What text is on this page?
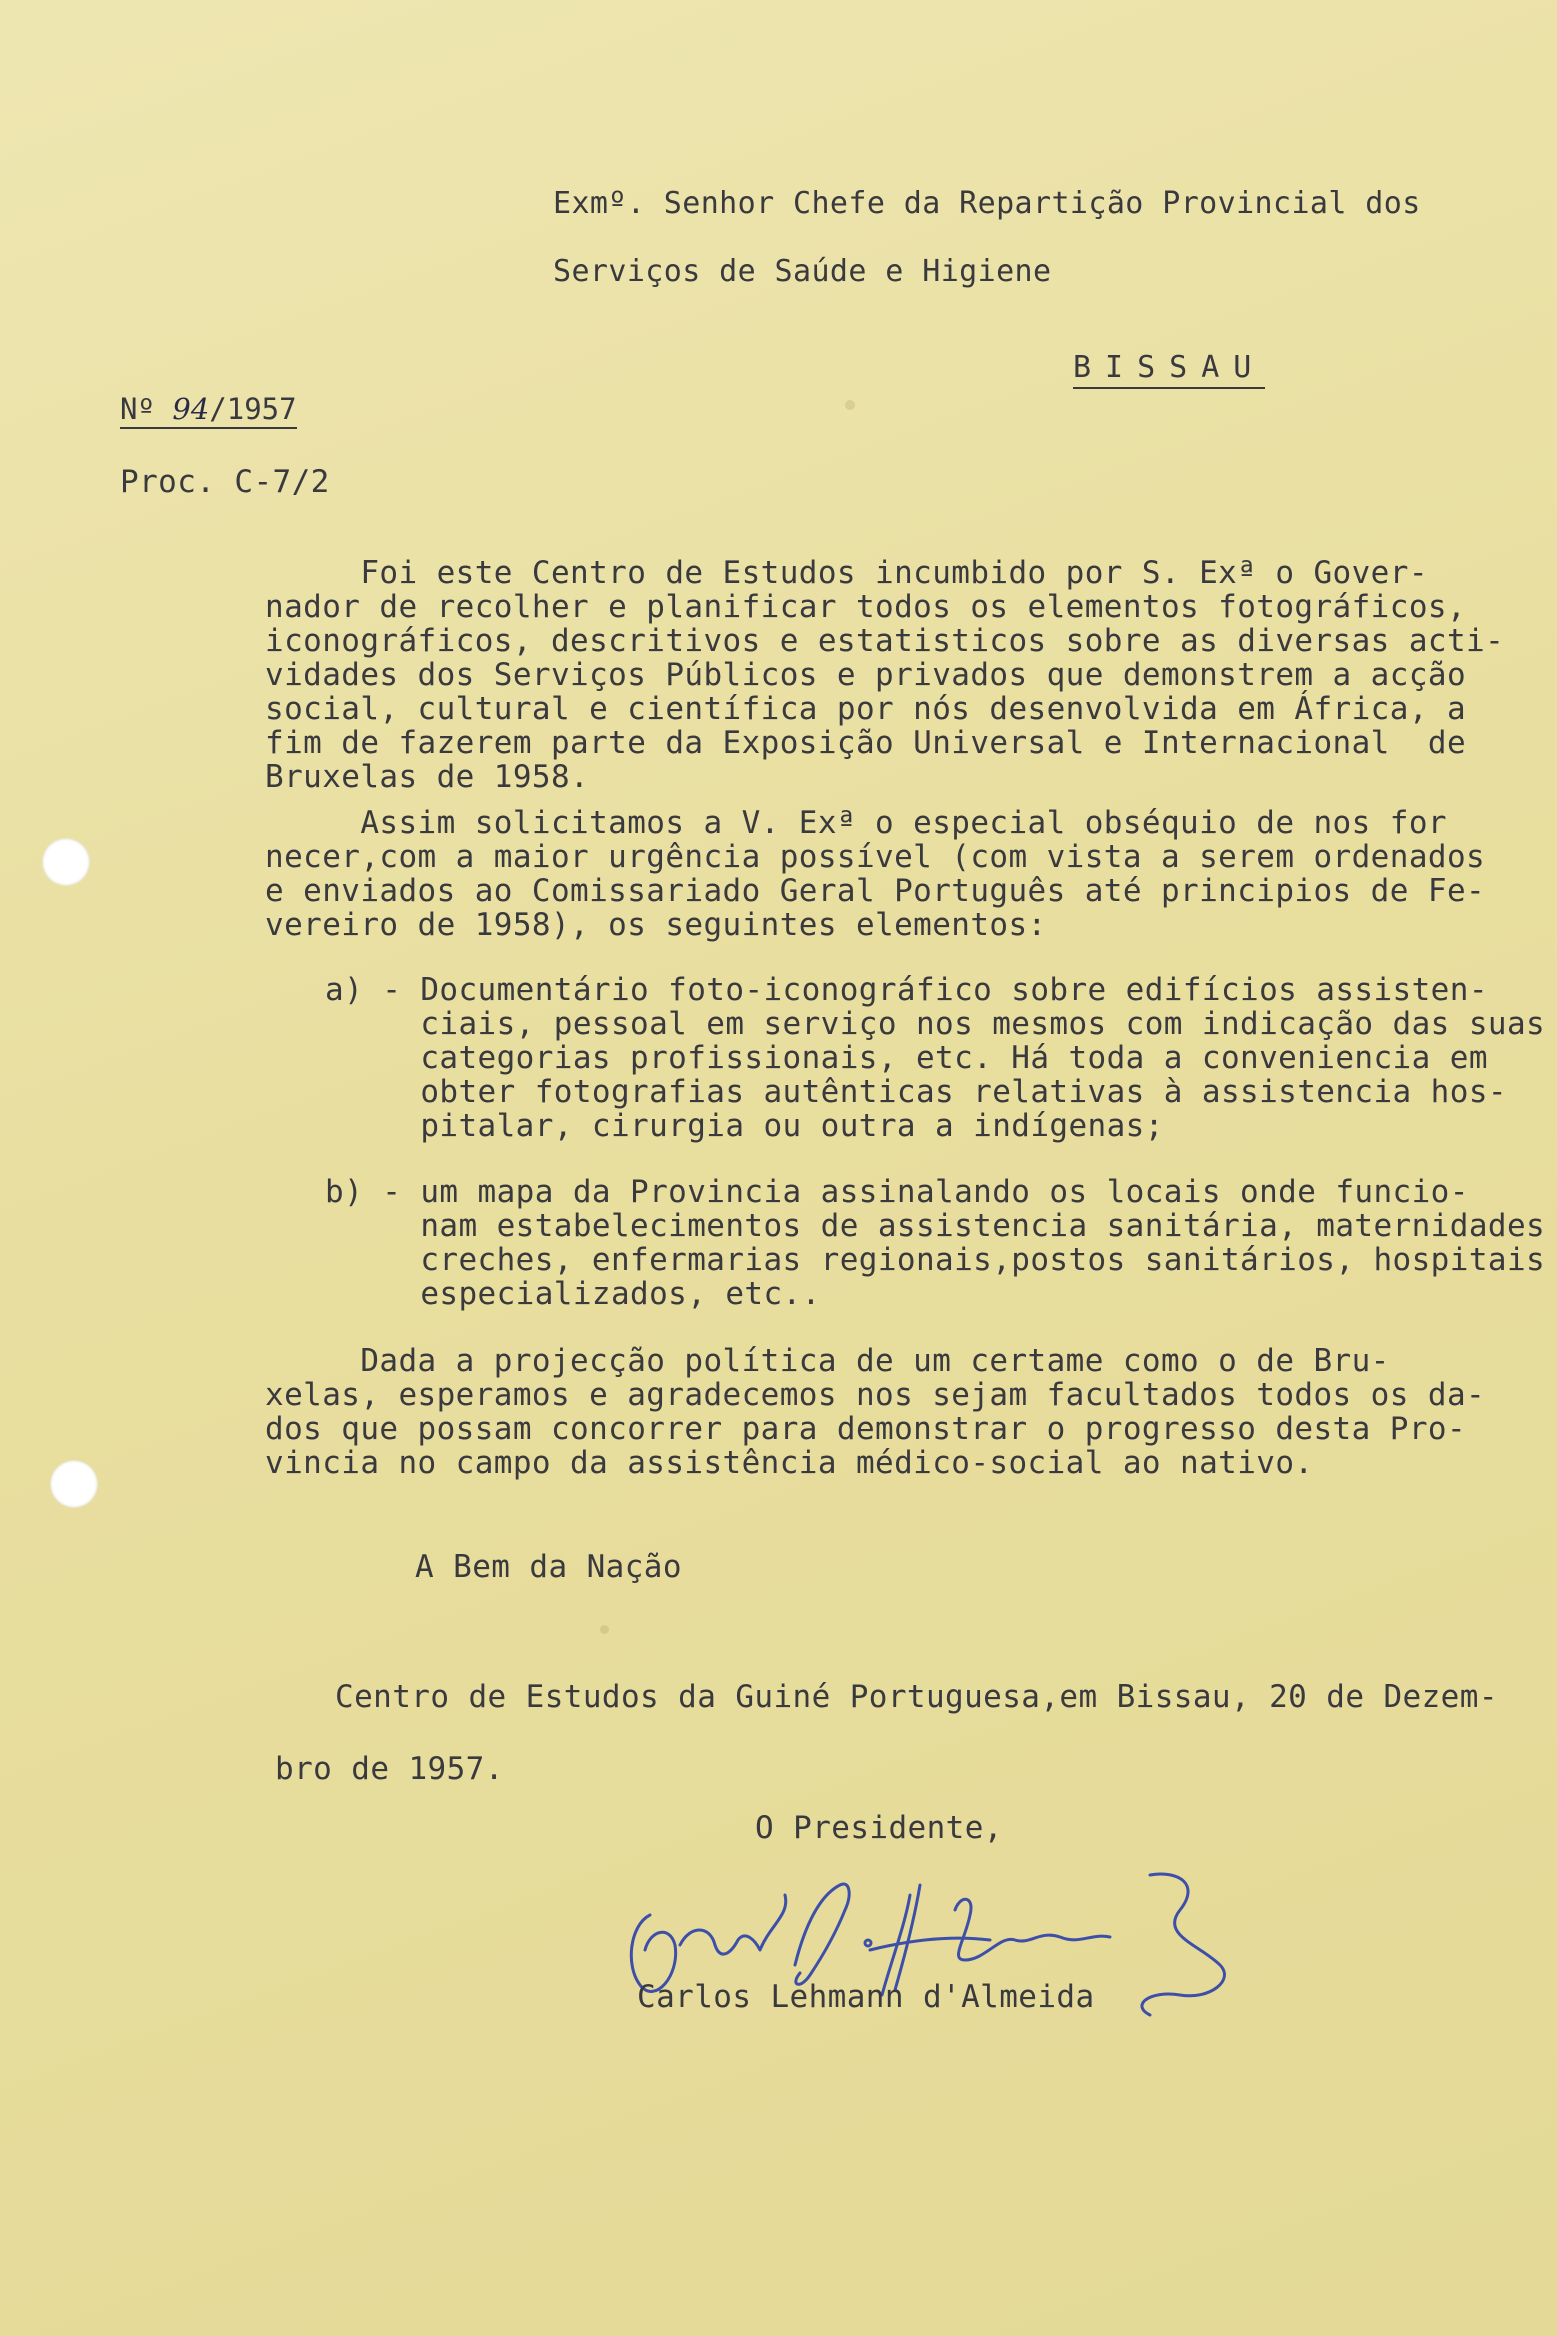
Exmº. Senhor Chefe da Repartição Provincial dos
Serviços de Saúde e Higiene
BISSAU
Nº 94/1957
Proc. C-7/2
Foi este Centro de Estudos incumbido por S. Exª o Gover-
nador de recolher e planificar todos os elementos fotográficos,
iconográficos, descritivos e estatisticos sobre as diversas acti-
vidades dos Serviços Públicos e privados que demonstrem a acção
social, cultural e científica por nós desenvolvida em África, a
fim de fazerem parte da Exposição Universal e Internacional  de
Bruxelas de 1958.
Assim solicitamos a V. Exª o especial obséquio de nos for
necer,com a maior urgência possível (com vista a serem ordenados
e enviados ao Comissariado Geral Português até principios de Fe-
vereiro de 1958), os seguintes elementos:
a) - Documentário foto-iconográfico sobre edifícios assisten-
ciais, pessoal em serviço nos mesmos com indicação das suas
categorias profissionais, etc. Há toda a conveniencia em
obter fotografias autênticas relativas à assistencia hos-
pitalar, cirurgia ou outra a indígenas;
b) - um mapa da Provincia assinalando os locais onde funcio-
nam estabelecimentos de assistencia sanitária, maternidades
creches, enfermarias regionais,postos sanitários, hospitais
especializados, etc..
Dada a projecção política de um certame como o de Bru-
xelas, esperamos e agradecemos nos sejam facultados todos os da-
dos que possam concorrer para demonstrar o progresso desta Pro-
vincia no campo da assistência médico-social ao nativo.
A Bem da Nação
Centro de Estudos da Guiné Portuguesa,em Bissau, 20 de Dezem-
bro de 1957.
O Presidente,
Carlos Lehmann d'Almeida
